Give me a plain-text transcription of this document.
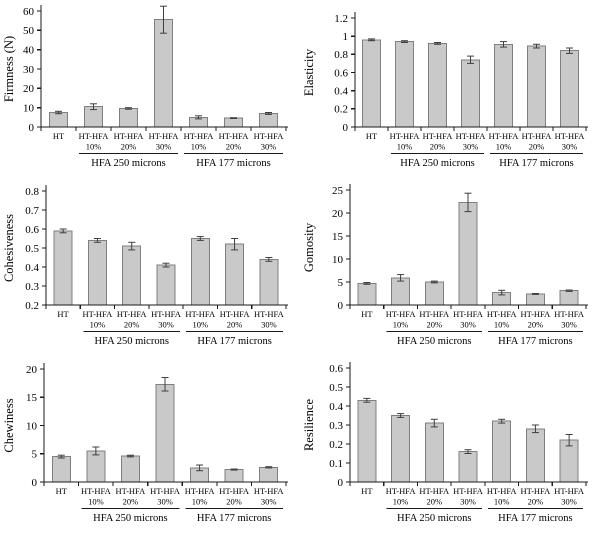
0
10
20
30
40
50
60
HT HT-HFA HT-HFA HT-HFA HT-HFA HT-HFA HT-HFA
10% 20% 30% 10% 20% 30%
HFA 250 microns	HFA 177 microns
Firmness (N)
0
0.2
0.4
0.6
0.8
1
1.2
HT HT-HFA HT-HFA HT-HFA HT-HFA HT-HFA HT-HFA
10% 20% 30% 10% 20% 30%
HFA 250 microns HFA 177 microns
Elasticity
0.2
0.3
0.4
0.5
0.6
0.7
0.8
HT HT-HFA HT-HFA HT-HFA HT-HFA HT-HFA HT-HFA
10% 20% 30% 10% 20% 30%
HFA 250 microns	HFA 177 microns
Cohesiveness
0
5
10
15
20
25
HT HT-HFA HT-HFA HT-HFA HT-HFA HT-HFA HT-HFA
10% 20% 30% 10% 20% 30%
HFA 250 microns	HFA 177 microns
Gomosity
0
5
10
15
20
HT HT-HFA HT-HFA HT-HFA HT-HFA HT-HFA HT-HFA
10% 20% 30% 10% 20% 30%
HFA 250 microns	HFA 177 microns
Chewiness
0
0.1
0.2
0.3
0.4
0.5
0.6
HT HT-HFA HT-HFA HT-HFA HT-HFA HT-HFA HT-HFA
10% 20% 30% 10% 20% 30%
HFA 250 microns	HFA 177 microns
Resilience
